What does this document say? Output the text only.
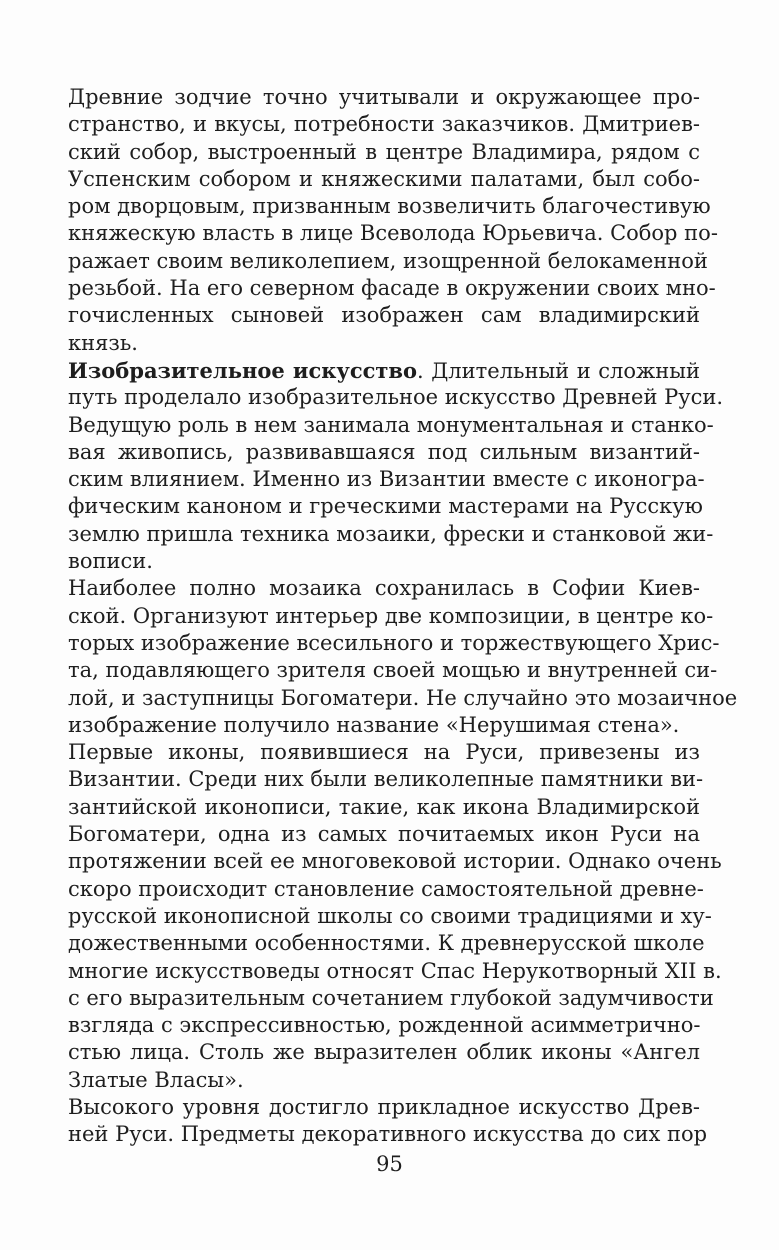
Древние зодчие точно учитывали и окружающее про-
странство, и вкусы, потребности заказчиков. Дмитриев-
ский собор, выстроенный в центре Владимира, рядом с
Успенским собором и княжескими палатами, был собо-
ром дворцовым, призванным возвеличить благочестивую
княжескую власть в лице Всеволода Юрьевича. Собор по-
ражает своим великолепием, изощренной белокаменной
резьбой. На его северном фасаде в окружении своих мно-
гочисленных сыновей изображен сам владимирский
князь.
Изобразительное искусство. Длительный и сложный
путь проделало изобразительное искусство Древней Руси.
Ведущую роль в нем занимала монументальная и станко-
вая живопись, развивавшаяся под сильным византий-
ским влиянием. Именно из Византии вместе с иконогра-
фическим каноном и греческими мастерами на Русскую
землю пришла техника мозаики, фрески и станковой жи-
вописи.
Наиболее полно мозаика сохранилась в Софии Киев-
ской. Организуют интерьер две композиции, в центре ко-
торых изображение всесильного и торжествующего Хрис-
та, подавляющего зрителя своей мощью и внутренней си-
лой, и заступницы Богоматери. Не случайно это мозаичное
изображение получило название «Нерушимая стена».
Первые иконы, появившиеся на Руси, привезены из
Византии. Среди них были великолепные памятники ви-
зантийской иконописи, такие, как икона Владимирской
Богоматери, одна из самых почитаемых икон Руси на
протяжении всей ее многовековой истории. Однако очень
скоро происходит становление самостоятельной древне-
русской иконописной школы со своими традициями и ху-
дожественными особенностями. К древнерусской школе
многие искусствоведы относят Спас Нерукотворный XII в.
с его выразительным сочетанием глубокой задумчивости
взгляда с экспрессивностью, рожденной асимметрично-
стью лица. Столь же выразителен облик иконы «Ангел
Златые Власы».
Высокого уровня достигло прикладное искусство Древ-
ней Руси. Предметы декоративного искусства до сих пор
95
